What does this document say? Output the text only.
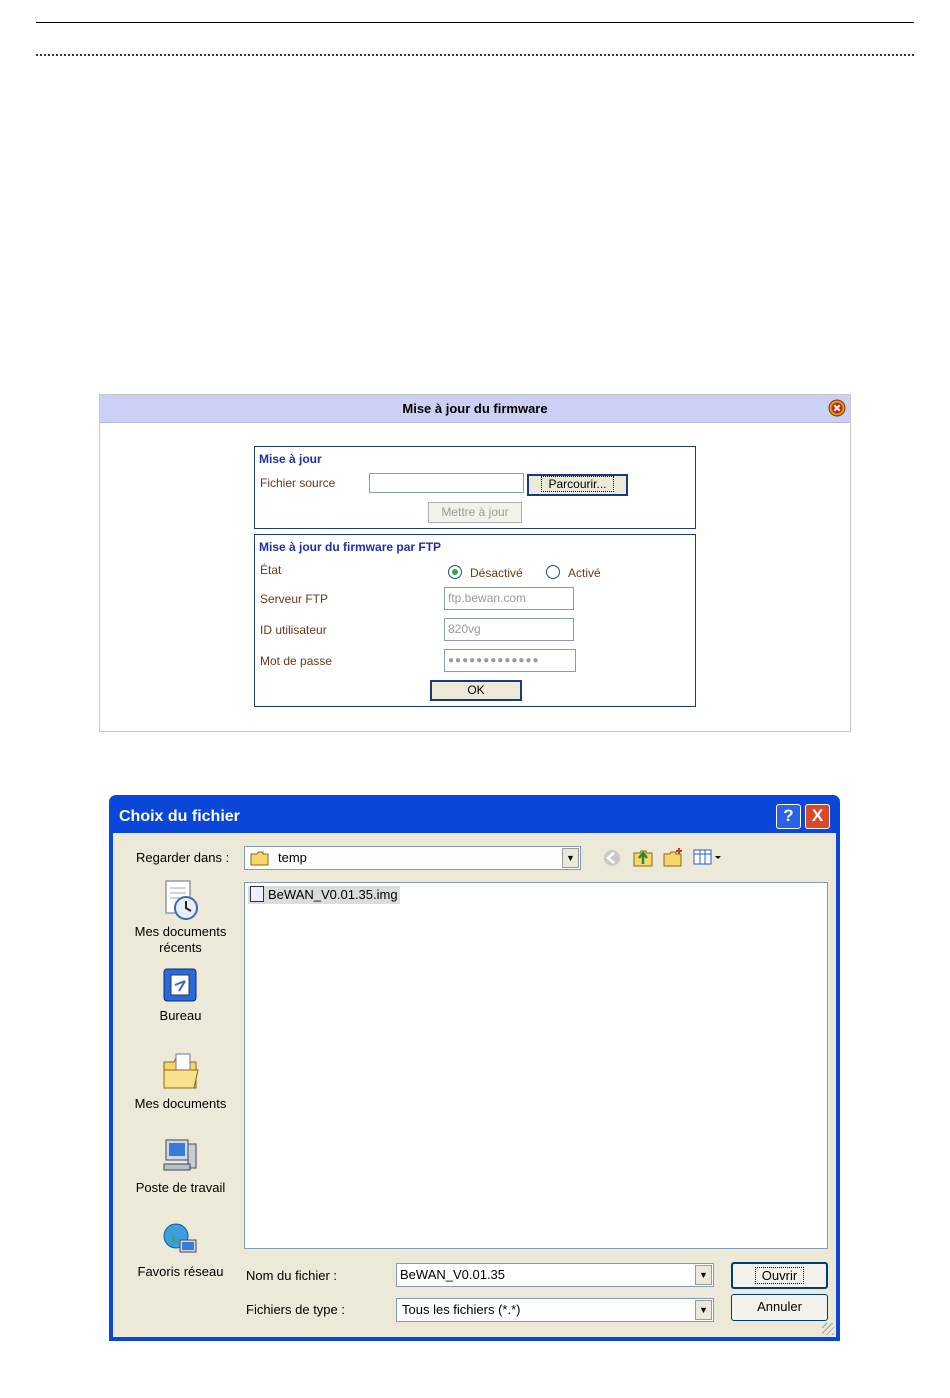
Mise à jour du firmware
Mise à jour
Fichier source	Parcourir...
Mettre à jour
Mise à jour du firmware par FTP
État	Désactivé	Activé
Serveur FTP	ftp.bewan.com
ID utilisateur	820vg
Mot de passe	●●●●●●●●●●●●●
OK
Choix du fichier	?	X
Regarder dans :	temp	▼
Mes documents récents
Bureau
Mes documents
Poste de travail
Favoris réseau
BeWAN_V0.01.35.img
Nom du fichier :	BeWAN_V0.01.35	▼
Fichiers de type :	Tous les fichiers (*.*)	▼
Ouvrir
Annuler
